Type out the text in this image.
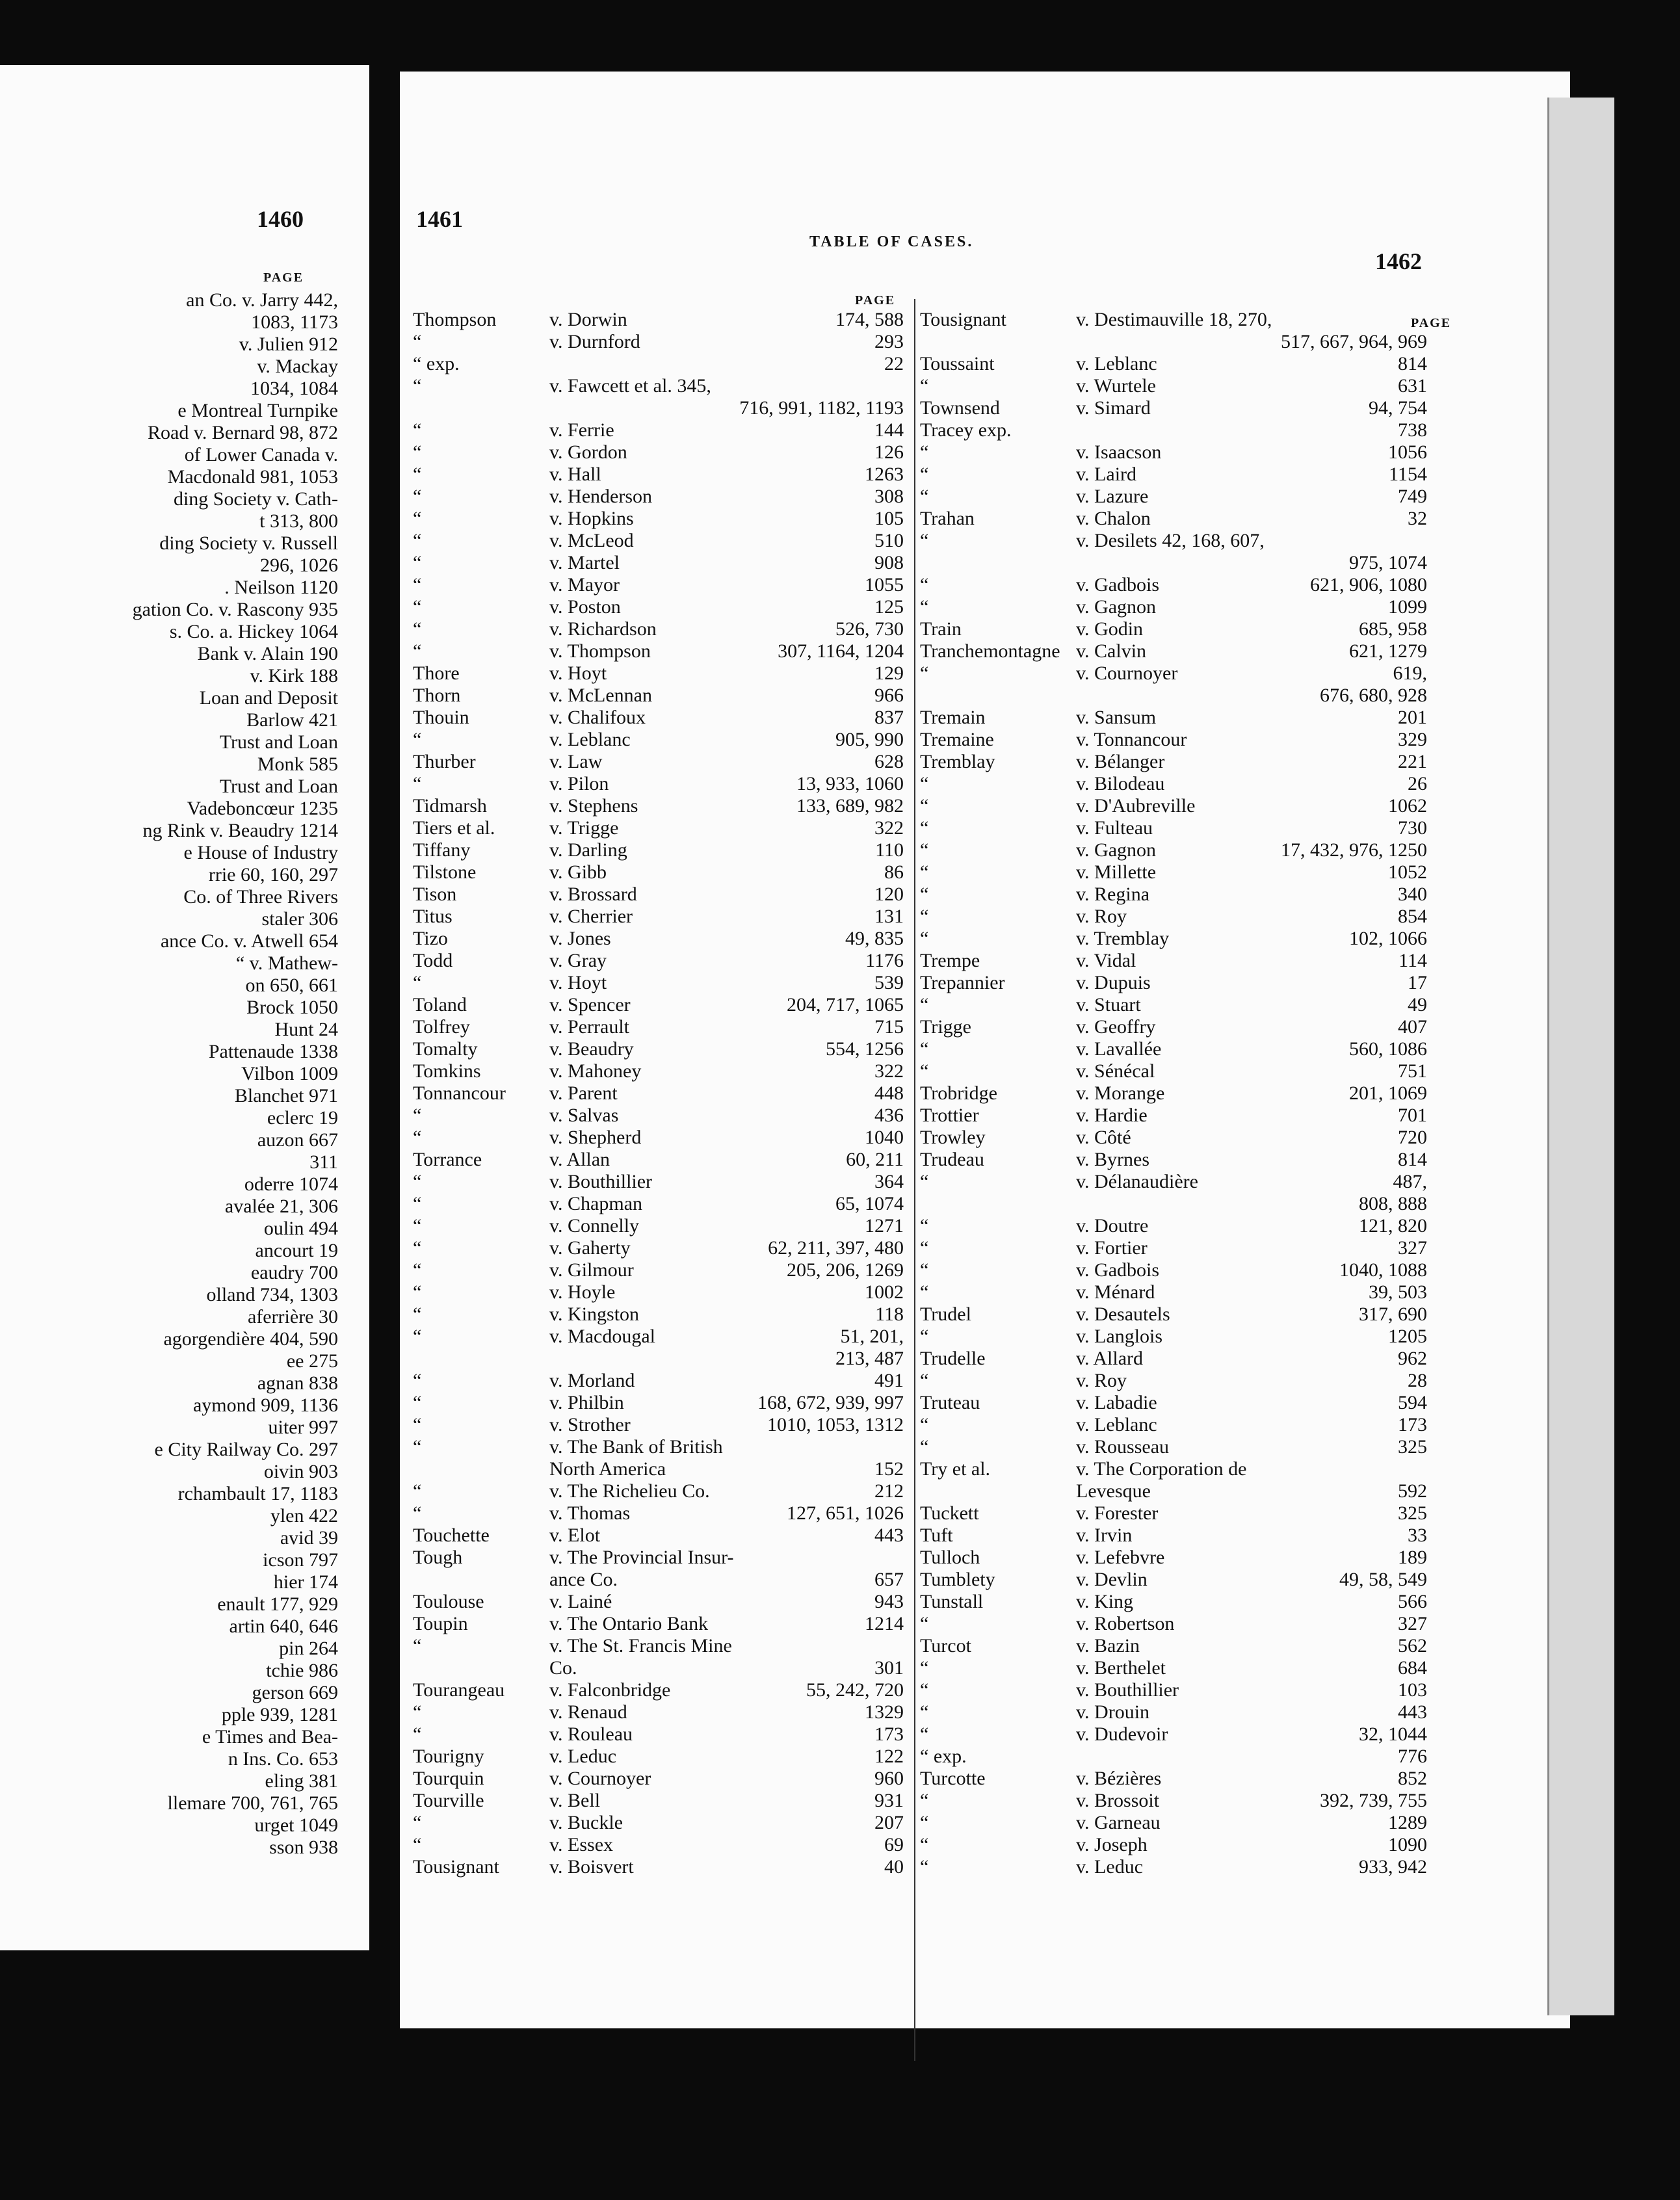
1460
PAGE
an Co. v. Jarry 442,
1083, 1173
v. Julien 912
v. Mackay
1034, 1084
e Montreal Turnpike
Road v. Bernard 98, 872
of Lower Canada v.
Macdonald 981, 1053
ding Society v. Cath-
t 313, 800
ding Society v. Russell
296, 1026
. Neilson 1120
gation Co. v. Rascony 935
s. Co. a. Hickey 1064
Bank v. Alain 190
v. Kirk 188
Loan and Deposit
Barlow 421
Trust and Loan
Monk 585
Trust and Loan
Vadeboncœur 1235
ng Rink v. Beaudry 1214
e House of Industry
rrie 60, 160, 297
Co. of Three Rivers
staler 306
ance Co. v. Atwell 654
“ v. Mathew-
on 650, 661
Brock 1050
Hunt 24
Pattenaude 1338
Vilbon 1009
Blanchet 971
eclerc 19
auzon 667
311
oderre 1074
avalée 21, 306
oulin 494
ancourt 19
eaudry 700
olland 734, 1303
aferrière 30
agorgendière 404, 590
ee 275
agnan 838
aymond 909, 1136
uiter 997
e City Railway Co. 297
oivin 903
rchambault 17, 1183
ylen 422
avid 39
icson 797
hier 174
enault 177, 929
artin 640, 646
pin 264
tchie 986
gerson 669
pple 939, 1281
e Times and Bea-
n Ins. Co. 653
eling 381
llemare 700, 761, 765
urget 1049
sson 938
1461
TABLE OF CASES.
1462
PAGE
PAGE
Thompson	v. Dorwin	174, 588
“	v. Durnford	293
“ exp.	22
“	v. Fawcett et al. 345,
716, 991, 1182, 1193
“	v. Ferrie	144
“	v. Gordon	126
“	v. Hall	1263
“	v. Henderson	308
“	v. Hopkins	105
“	v. McLeod	510
“	v. Martel	908
“	v. Mayor	1055
“	v. Poston	125
“	v. Richardson	526, 730
“	v. Thompson	307, 1164, 1204
Thore	v. Hoyt	129
Thorn	v. McLennan	966
Thouin	v. Chalifoux	837
“	v. Leblanc	905, 990
Thurber	v. Law	628
“	v. Pilon	13, 933, 1060
Tidmarsh	v. Stephens	133, 689, 982
Tiers et al.	v. Trigge	322
Tiffany	v. Darling	110
Tilstone	v. Gibb	86
Tison	v. Brossard	120
Titus	v. Cherrier	131
Tizo	v. Jones	49, 835
Todd	v. Gray	1176
“	v. Hoyt	539
Toland	v. Spencer	204, 717, 1065
Tolfrey	v. Perrault	715
Tomalty	v. Beaudry	554, 1256
Tomkins	v. Mahoney	322
Tonnancour v. Parent	448
“	v. Salvas	436
“	v. Shepherd	1040
Torrance	v. Allan	60, 211
“	v. Bouthillier	364
“	v. Chapman	65, 1074
“	v. Connelly	1271
“	v. Gaherty	62, 211, 397, 480
“	v. Gilmour	205, 206, 1269
“	v. Hoyle	1002
“	v. Kingston	118
“	v. Macdougal	51, 201,
213, 487
“	v. Morland	491
“	v. Philbin	168, 672, 939, 997
“	v. Strother	1010, 1053, 1312
“	v. The Bank of British
North America	152
“	v. The Richelieu Co.	212
“	v. Thomas	127, 651, 1026
Touchette	v. Elot	443
Tough	v. The Provincial Insur-
ance Co.	657
Toulouse	v. Lainé	943
Toupin	v. The Ontario Bank	1214
“	v. The St. Francis Mine
Co.	301
Tourangeau v. Falconbridge	55, 242, 720
“	v. Renaud	1329
“	v. Rouleau	173
Tourigny	v. Leduc	122
Tourquin	v. Cournoyer	960
Tourville	v. Bell	931
“	v. Buckle	207
“	v. Essex	69
Tousignant	v. Boisvert	40
Tousignant	v. Destimauville 18, 270,
517, 667, 964, 969
Toussaint	v. Leblanc	814
“	v. Wurtele	631
Townsend	v. Simard	94, 754
Tracey exp.	738
“	v. Isaacson	1056
“	v. Laird	1154
“	v. Lazure	749
Trahan	v. Chalon	32
“	v. Desilets 42, 168, 607,
975, 1074
“	v. Gadbois	621, 906, 1080
“	v. Gagnon	1099
Train	v. Godin	685, 958
Tranchemontagne v. Calvin	621, 1279
“	v. Cournoyer	619,
676, 680, 928
Tremain	v. Sansum	201
Tremaine	v. Tonnancour	329
Tremblay	v. Bélanger	221
“	v. Bilodeau	26
“	v. D'Aubreville	1062
“	v. Fulteau	730
“	v. Gagnon	17, 432, 976, 1250
“	v. Millette	1052
“	v. Regina	340
“	v. Roy	854
“	v. Tremblay	102, 1066
Trempe	v. Vidal	114
Trepannier	v. Dupuis	17
“	v. Stuart	49
Trigge	v. Geoffry	407
“	v. Lavallée	560, 1086
“	v. Sénécal	751
Trobridge	v. Morange	201, 1069
Trottier	v. Hardie	701
Trowley	v. Côté	720
Trudeau	v. Byrnes	814
“	v. Délanaudière	487,
808, 888
“	v. Doutre	121, 820
“	v. Fortier	327
“	v. Gadbois	1040, 1088
“	v. Ménard	39, 503
Trudel	v. Desautels	317, 690
“	v. Langlois	1205
Trudelle	v. Allard	962
“	v. Roy	28
Truteau	v. Labadie	594
“	v. Leblanc	173
“	v. Rousseau	325
Try et al.	v. The Corporation de
Levesque	592
Tuckett	v. Forester	325
Tuft	v. Irvin	33
Tulloch	v. Lefebvre	189
Tumblety	v. Devlin	49, 58, 549
Tunstall	v. King	566
“	v. Robertson	327
Turcot	v. Bazin	562
“	v. Berthelet	684
“	v. Bouthillier	103
“	v. Drouin	443
“	v. Dudevoir	32, 1044
“ exp.	776
Turcotte	v. Bézières	852
“	v. Brossoit	392, 739, 755
“	v. Garneau	1289
“	v. Joseph	1090
“	v. Leduc	933, 942
